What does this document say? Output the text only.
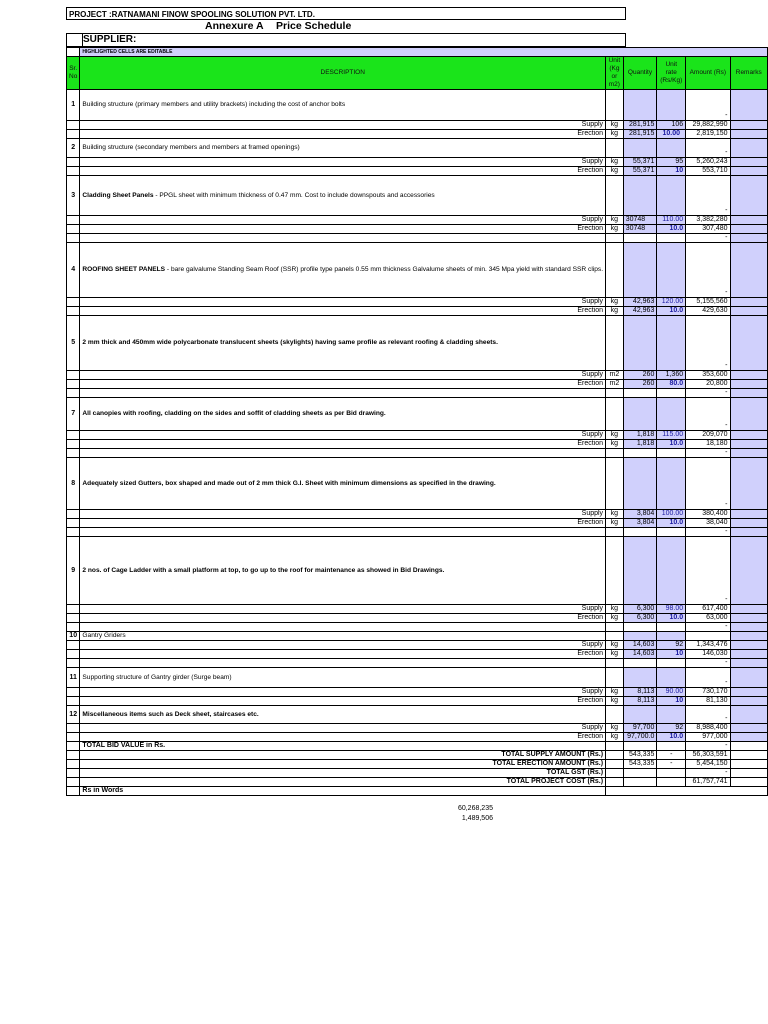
PROJECT :RATNAMANI FINOW SPOOLING SOLUTION PVT. LTD.
Annexure A Price Schedule
SUPPLIER:
	HIGHLIGHTED CELLS ARE EDITABLE					
Sr. No	DESCRIPTION	Unit (Kg or m2)	Quantity	Unit rate (Rs/Kg)	Amount (Rs)	Remarks
1	Building structure (primary members and utility brackets) including the cost of anchor bolts				-	
	Supply	kg	281,915	106	29,882,990	
	Erection	kg	281,915	10.00	2,819,150	
2	Building structure (secondary members and members at framed openings)				-	
	Supply	kg	55,371	95	5,260,243	
	Erection	kg	55,371	10	553,710	
3	Cladding Sheet Panels - PPGL sheet with minimum thickness of 0.47 mm. Cost to include downspouts and accessories				-	
	Supply	kg	30748	110.00	3,382,280	
	Erection	kg	30748	10.0	307,480	
					-	
4	ROOFING SHEET PANELS - bare galvalume Standing Seam Roof (SSR) profile type panels 0.55 mm thickness Galvalume sheets of min. 345 Mpa yield with standard SSR clips.				-	
	Supply	kg	42,963	120.00	5,155,560	
	Erection	kg	42,963	10.0	429,630	
5	2 mm thick and 450mm wide polycarbonate translucent sheets (skylights) having same profile as relevant roofing & cladding sheets.				-	
	Supply	m2	260	1,360	353,600	
	Erection	m2	260	80.0	20,800	
					-	
7	All canopies with roofing, cladding on the sides and soffit of cladding sheets as per Bid drawing.				-	
	Supply	kg	1,818	115.00	209,070	
	Erection	kg	1,818	10.0	18,180	
					-	
8	Adequately sized Gutters, box shaped and made out of 2 mm thick G.I. Sheet with minimum dimensions as specified in the drawing.				-	
	Supply	kg	3,804	100.00	380,400	
	Erection	kg	3,804	10.0	38,040	
					-	
9	2 nos. of Cage Ladder with a small platform at top, to go up to the roof for maintenance as showed in Bid Drawings.				-	
	Supply	kg	6,300	98.00	617,400	
	Erection	kg	6,300	10.0	63,000	
					-	
10	Gantry Griders					
	Supply	kg	14,603	92	1,343,476	
	Erection	kg	14,603	10	146,030	
					-	
11	Supporting structure of Gantry girder (Surge beam)				-	
	Supply	kg	8,113	90.00	730,170	
	Erection	kg	8,113	10	81,130	
12	Miscellaneous items such as Deck sheet, staircases etc.				-	
	Supply	kg	97,700	92	8,988,400	
	Erection	kg	97,700.0	10.0	977,000	
	TOTAL BID VALUE in Rs.				-	
	TOTAL SUPPLY AMOUNT (Rs.)		543,335	-	56,303,591	
	TOTAL ERECTION AMOUNT (Rs.)		543,335	-	5,454,150	
	TOTAL GST (Rs.)				-	
	TOTAL PROJECT COST (Rs.)				61,757,741	
	Rs in Words					
60,268,235
1,489,506
